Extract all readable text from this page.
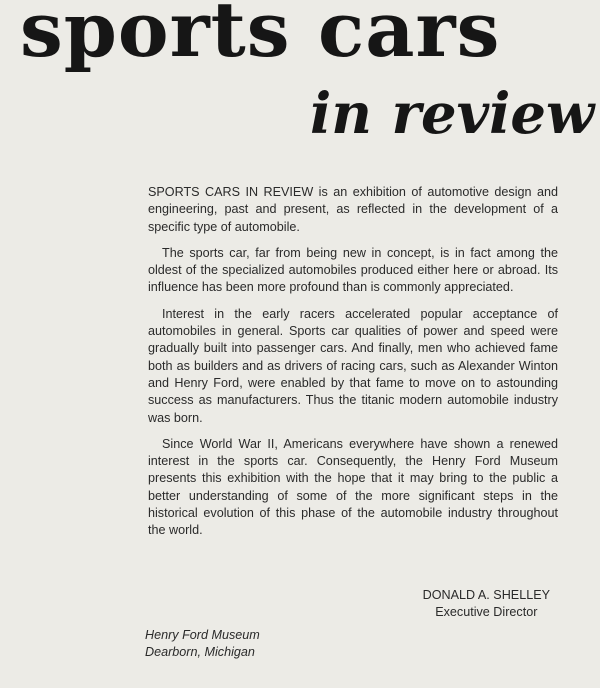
sports cars
in review

SPORTS CARS IN REVIEW is an exhibition of automotive design and engineering, past and present, as reflected in the development of a specific type of automobile.

The sports car, far from being new in concept, is in fact among the oldest of the specialized automobiles produced either here or abroad. Its influence has been more profound than is commonly appreciated.

Interest in the early racers accelerated popular acceptance of automobiles in general. Sports car qualities of power and speed were gradually built into passenger cars. And finally, men who achieved fame both as builders and as drivers of racing cars, such as Alexander Winton and Henry Ford, were enabled by that fame to move on to astounding success as manufacturers. Thus the titanic modern automobile industry was born.

Since World War II, Americans everywhere have shown a renewed interest in the sports car. Consequently, the Henry Ford Museum presents this exhibition with the hope that it may bring to the public a better understanding of some of the more significant steps in the historical evolution of this phase of the automobile industry throughout the world.

DONALD A. SHELLEY
Executive Director
Henry Ford Museum
Dearborn, Michigan
